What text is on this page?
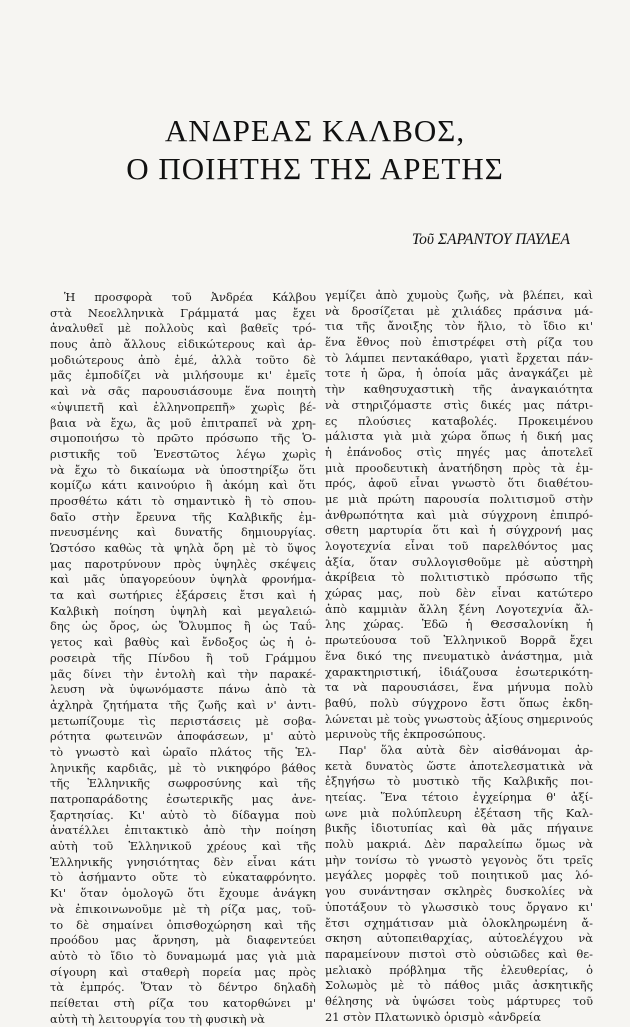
ΑΝΔΡΕΑΣ ΚΑΛΒΟΣ,
Ο ΠΟΙΗΤΗΣ ΤΗΣ ΑΡΕΤΗΣ
Τοῦ ΣΑΡΑΝΤΟΥ ΠΑΥΛΕΑ
Ἡ προσφορὰ τοῦ Ἀνδρέα Κάλβου
στὰ Νεοελληνικὰ Γράμματά μας ἔχει
ἀναλυθεῖ μὲ πολλοὺς καὶ βαθεῖς τρό-
πους ἀπὸ ἄλλους εἰδικώτερους καὶ ἁρ-
μοδιώτερους ἀπὸ ἐμέ, ἀλλὰ τοῦτο δὲ
μᾶς ἐμποδίζει νὰ μιλήσουμε κι' ἐμεῖς
καὶ νὰ σᾶς παρουσιάσουμε ἕνα ποιητὴ
«ὑψιπετῆ καὶ ἑλληνοπρεπῆ» χωρὶς βέ-
βαια νὰ ἔχω, ἂς μοῦ ἐπιτραπεῖ νὰ χρη-
σιμοποιήσω τὸ πρῶτο πρόσωπο τῆς Ὁ-
ριστικῆς τοῦ Ἐνεστῶτος λέγω χωρὶς
νὰ ἔχω τὸ δικαίωμα νὰ ὑποστηρίξω ὅτι
κομίζω κάτι καινούριο ἢ ἀκόμη καὶ ὅτι
προσθέτω κάτι τὸ σημαντικὸ ἢ τὸ σπου-
δαῖο στὴν ἔρευνα τῆς Καλβικῆς ἐμ-
πνευσμένης καὶ δυνατῆς δημιουργίας.
Ὡστόσο καθὼς τὰ ψηλὰ ὄρη μὲ τὸ ὕψος
μας παροτρύνουν πρὸς ὑψηλὲς σκέψεις
καὶ μᾶς ὑπαγορεύουν ὑψηλὰ φρονήμα-
τα καὶ σωτήριες ἐξάρσεις ἔτσι καὶ ἡ
Καλβικὴ ποίηση ὑψηλὴ καὶ μεγαλειώ-
δης ὡς ὄρος, ὡς Ὄλυμπος ἢ ὡς Ταΰ-
γετος καὶ βαθὺς καὶ ἔνδοξος ὡς ἡ ὀ-
ροσειρὰ τῆς Πίνδου ἢ τοῦ Γράμμου
μᾶς δίνει τὴν ἐντολὴ καὶ τὴν παρακέ-
λευση νὰ ὑψωνόμαστε πάνω ἀπὸ τὰ
ἀχληρὰ ζητήματα τῆς ζωῆς καὶ ν' ἀντι-
μετωπίζουμε τὶς περιστάσεις μὲ σοβα-
ρότητα φωτεινῶν ἀποφάσεων, μ' αὐτὸ
τὸ γνωστὸ καὶ ὡραῖο πλάτος τῆς Ἑλ-
ληνικῆς καρδιᾶς, μὲ τὸ νικηφόρο βάθος
τῆς Ἑλληνικῆς σωφροσύνης καὶ τῆς
πατροπαράδοτης ἐσωτερικῆς μας ἀνε-
ξαρτησίας. Κι' αὐτὸ τὸ δίδαγμα ποὺ
ἀνατέλλει ἐπιτακτικὸ ἀπὸ τὴν ποίηση
αὐτὴ τοῦ Ἑλληνικοῦ χρέους καὶ τῆς
Ἑλληνικῆς γνησιότητας δὲν εἶναι κάτι
τὸ ἀσήμαντο οὔτε τὸ εὐκαταφρόνητο.
Κι' ὅταν ὁμολογῶ ὅτι ἔχουμε ἀνάγκη
νὰ ἐπικοινωνοῦμε μὲ τὴ ρίζα μας, τοῦ-
το δὲ σημαίνει ὀπισθοχώρηση καὶ τῆς
προόδου μας ἄρνηση, μὰ διαφεντεύει
αὐτὸ τὸ ἴδιο τὸ δυναμωμά μας γιὰ μιὰ
σίγουρη καὶ σταθερὴ πορεία μας πρὸς
τὰ ἐμπρός. Ὅταν τὸ δέντρο δηλαδὴ
πείθεται στὴ ρίζα του κατορθώνει μ'
αὐτὴ τὴ λειτουργία του τὴ φυσικὴ νὰ
γεμίζει ἀπὸ χυμοὺς ζωῆς, νὰ βλέπει, καὶ
νὰ δροσίζεται μὲ χιλιάδες πράσινα μά-
τια τῆς ἄνοιξης τὸν ἥλιο, τὸ ἴδιο κι'
ἕνα ἔθνος ποὺ ἐπιστρέφει στὴ ρίζα του
τὸ λάμπει πεντακάθαρο, γιατὶ ἔρχεται πάν-
τοτε ἡ ὥρα, ἡ ὁποία μᾶς ἀναγκάζει μὲ
τὴν καθησυχαστικὴ τῆς ἀναγκαιότητα
νὰ στηριζόμαστε στὶς δικές μας πάτρι-
ες πλούσιες καταβολές. Προκειμένου
μάλιστα γιὰ μιὰ χώρα ὅπως ἡ δική μας
ἡ ἐπάνοδος στὶς πηγές μας ἀποτελεῖ
μιὰ προοδευτικὴ ἀνατήδηση πρὸς τὰ ἐμ-
πρός, ἀφοῦ εἶναι γνωστὸ ὅτι διαθέτου-
με μιὰ πρώτη παρουσία πολιτισμοῦ στὴν
ἀνθρωπότητα καὶ μιὰ σύγχρονη ἐπιπρό-
σθετη μαρτυρία ὅτι καὶ ἡ σύγχρονή μας
λογοτεχνία εἶναι τοῦ παρελθόντος μας
ἀξία, ὅταν συλλογισθοῦμε μὲ αὐστηρὴ
ἀκρίβεια τὸ πολιτιστικὸ πρόσωπο τῆς
χώρας μας, ποὺ δὲν εἶναι κατώτερο
ἀπὸ καμμιὰν ἄλλη ξένη Λογοτεχνία ἄλ-
λης χώρας. Ἐδῶ ἡ Θεσσαλονίκη ἡ
πρωτεύουσα τοῦ Ἑλληνικοῦ Βορρᾶ ἔχει
ἕνα δικό της πνευματικὸ ἀνάστημα, μιὰ
χαρακτηριστική, ἰδιάζουσα ἐσωτερικότη-
τα νὰ παρουσιάσει, ἕνα μήνυμα πολὺ
βαθύ, πολὺ σύγχρονο ἔστι ὅπως ἐκδη-
λώνεται μὲ τοὺς γνωστοὺς ἀξίους σημερινούς
μερινοὺς τῆς ἐκπροσώπους.
Παρ' ὅλα αὐτὰ δὲν αἰσθάνομαι ἀρ-
κετὰ δυνατὸς ὥστε ἀποτελεσματικὰ νὰ
ἐξηγήσω τὸ μυστικὸ τῆς Καλβικῆς ποι-
ητείας. Ἕνα τέτοιο ἐγχείρημα θ' ἀξί-
ωνε μιὰ πολύπλευρη ἐξέταση τῆς Καλ-
βικῆς ἰδιοτυπίας καὶ θὰ μᾶς πήγαινε
πολὺ μακριά. Δὲν παραλείπω ὅμως νὰ
μὴν τονίσω τὸ γνωστὸ γεγονὸς ὅτι τρεῖς
μεγάλες μορφὲς τοῦ ποιητικοῦ μας λό-
γου συνάντησαν σκληρὲς δυσκολίες νὰ
ὑποτάξουν τὸ γλωσσικὸ τους ὄργανο κι'
ἔτσι σχημάτισαν μιὰ ὁλοκληρωμένη ἄ-
σκηση αὐτοπειθαρχίας, αὐτοελέγχου νὰ
παραμείνουν πιστοὶ στὸ οὐσιῶδες καὶ θε-
μελιακὸ πρόβλημα τῆς ἐλευθερίας, ὁ
Σολωμὸς μὲ τὸ πάθος μιᾶς ἀσκητικῆς
θέλησης νὰ ὑψώσει τοὺς μάρτυρες τοῦ
21 στὸν Πλατωνικὸ ὁρισμὸ «ἀνδρεία
